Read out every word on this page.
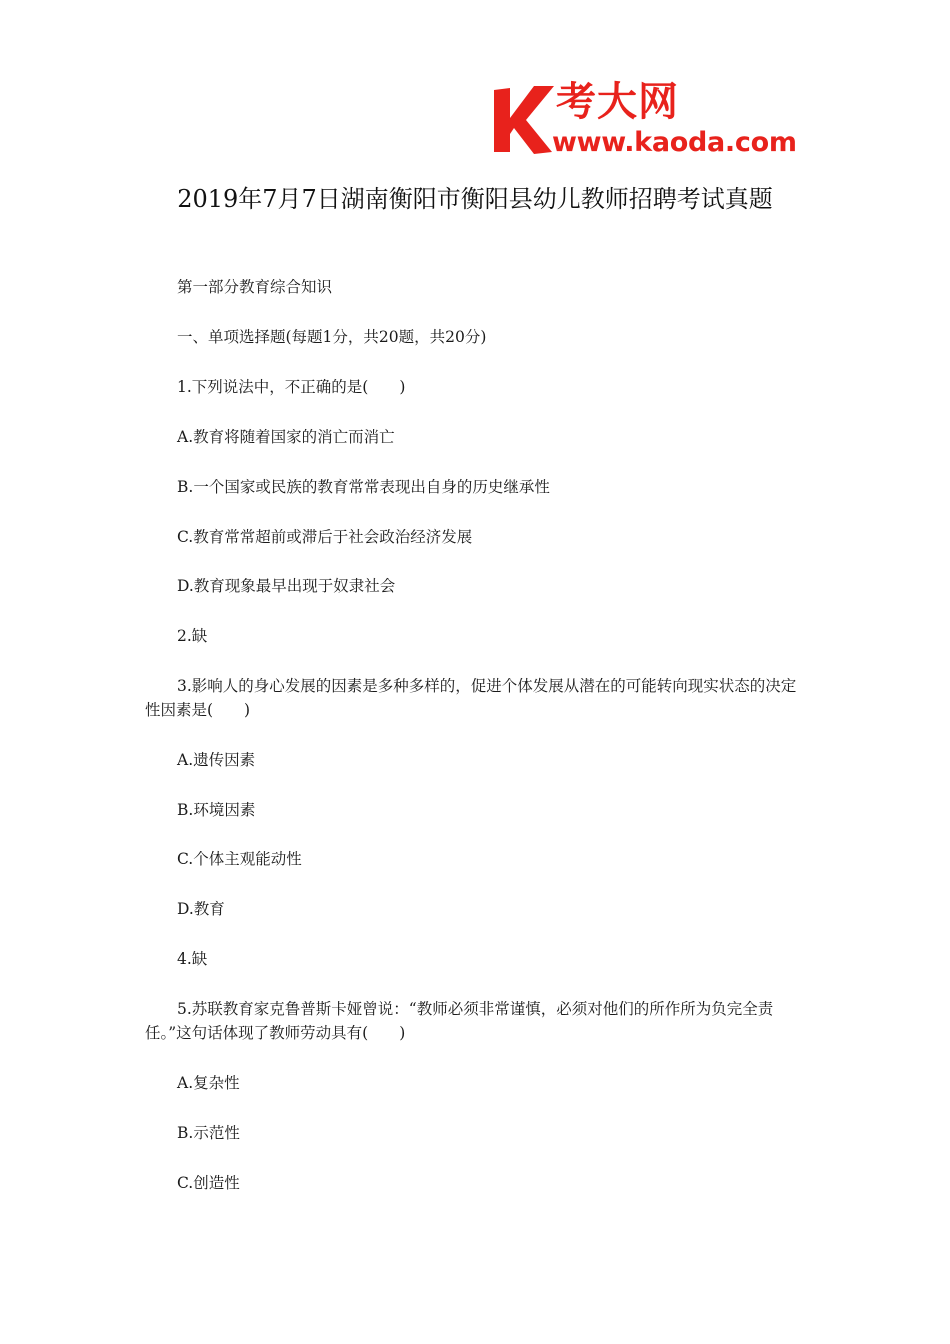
考大网
www.kaoda.com
2019年7月7日湖南衡阳市衡阳县幼儿教师招聘考试真题
第一部分教育综合知识
一、单项选择题(每题1分，共20题，共20分)
1.下列说法中，不正确的是(　　)
A.教育将随着国家的消亡而消亡
B.一个国家或民族的教育常常表现出自身的历史继承性
C.教育常常超前或滞后于社会政治经济发展
D.教育现象最早出现于奴隶社会
2.缺
3.影响人的身心发展的因素是多种多样的，促进个体发展从潜在的可能转向现实状态的决定性因素是(　　)
A.遗传因素
B.环境因素
C.个体主观能动性
D.教育
4.缺
5.苏联教育家克鲁普斯卡娅曾说：“教师必须非常谨慎，必须对他们的所作所为负完全责任。”这句话体现了教师劳动具有(　　)
A.复杂性
B.示范性
C.创造性
